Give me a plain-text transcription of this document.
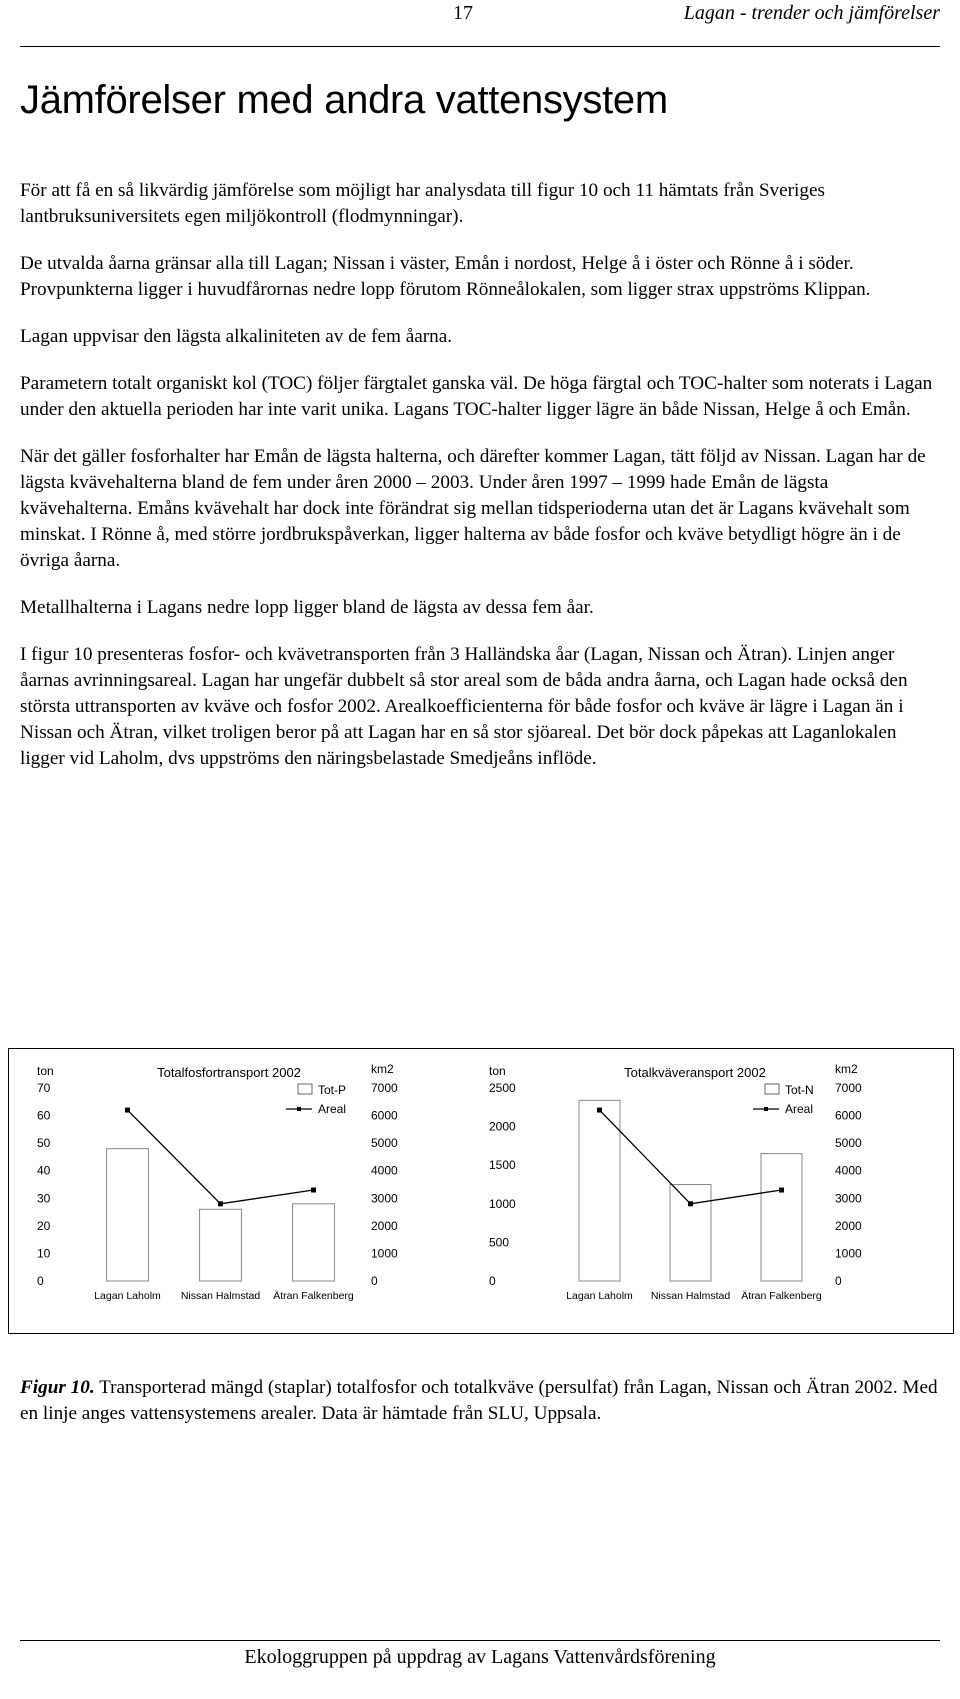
17	Lagan - trender och jämförelser
Jämförelser med andra vattensystem

För att få en så likvärdig jämförelse som möjligt har analysdata till figur 10 och 11 hämtats från Sveriges lantbruksuniversitets egen miljökontroll (flodmynningar).

De utvalda åarna gränsar alla till Lagan; Nissan i väster, Emån i nordost, Helge å i öster och Rönne å i söder. Provpunkterna ligger i huvudfårornas nedre lopp förutom Rönneålokalen, som ligger strax uppströms Klippan.

Lagan uppvisar den lägsta alkaliniteten av de fem åarna.

Parametern totalt organiskt kol (TOC) följer färgtalet ganska väl. De höga färgtal och TOC-halter som noterats i Lagan under den aktuella perioden har inte varit unika. Lagans TOC-halter ligger lägre än både Nissan, Helge å och Emån.

När det gäller fosforhalter har Emån de lägsta halterna, och därefter kommer Lagan, tätt följd av Nissan. Lagan har de lägsta kvävehalterna bland de fem under åren 2000 – 2003. Under åren 1997 – 1999 hade Emån de lägsta kvävehalterna. Emåns kvävehalt har dock inte förändrat sig mellan tidsperioderna utan det är Lagans kvävehalt som minskat. I Rönne å, med större jordbrukspåverkan, ligger halterna av både fosfor och kväve betydligt högre än i de övriga åarna.

Metallhalterna i Lagans nedre lopp ligger bland de lägsta av dessa fem åar.

I figur 10 presenteras fosfor- och kvävetransporten från 3 Halländska åar (Lagan, Nissan och Ätran). Linjen anger åarnas avrinningsareal. Lagan har ungefär dubbelt så stor areal som de båda andra åarna, och Lagan hade också den största uttransporten av kväve och fosfor 2002. Arealkoefficienterna för både fosfor och kväve är lägre i Lagan än i Nissan och Ätran, vilket troligen beror på att Lagan har en så stor sjöareal. Det bör dock påpekas att Laganlokalen ligger vid Laholm, dvs uppströms den näringsbelastade Smedjeåns inflöde.

Totalfosfortransport 2002
ton	km2
0
10
20
30
40
50
60
70
0
1000
2000
3000
4000
5000
6000
7000
Lagan Laholm Nissan Halmstad Ätran Falkenberg
Tot-P
Areal
Totalkväveransport 2002
ton	km2
0
500
1000
1500
2000
2500
0
1000
2000
3000
4000
5000
6000
7000
Lagan Laholm Nissan Halmstad Ätran Falkenberg
Tot-N
Areal
Figur 10. Transporterad mängd (staplar) totalfosfor och totalkväve (persulfat) från Lagan, Nissan och Ätran 2002. Med en linje anges vattensystemens arealer. Data är hämtade från SLU, Uppsala.
Ekologgruppen på uppdrag av Lagans Vattenvårdsförening
